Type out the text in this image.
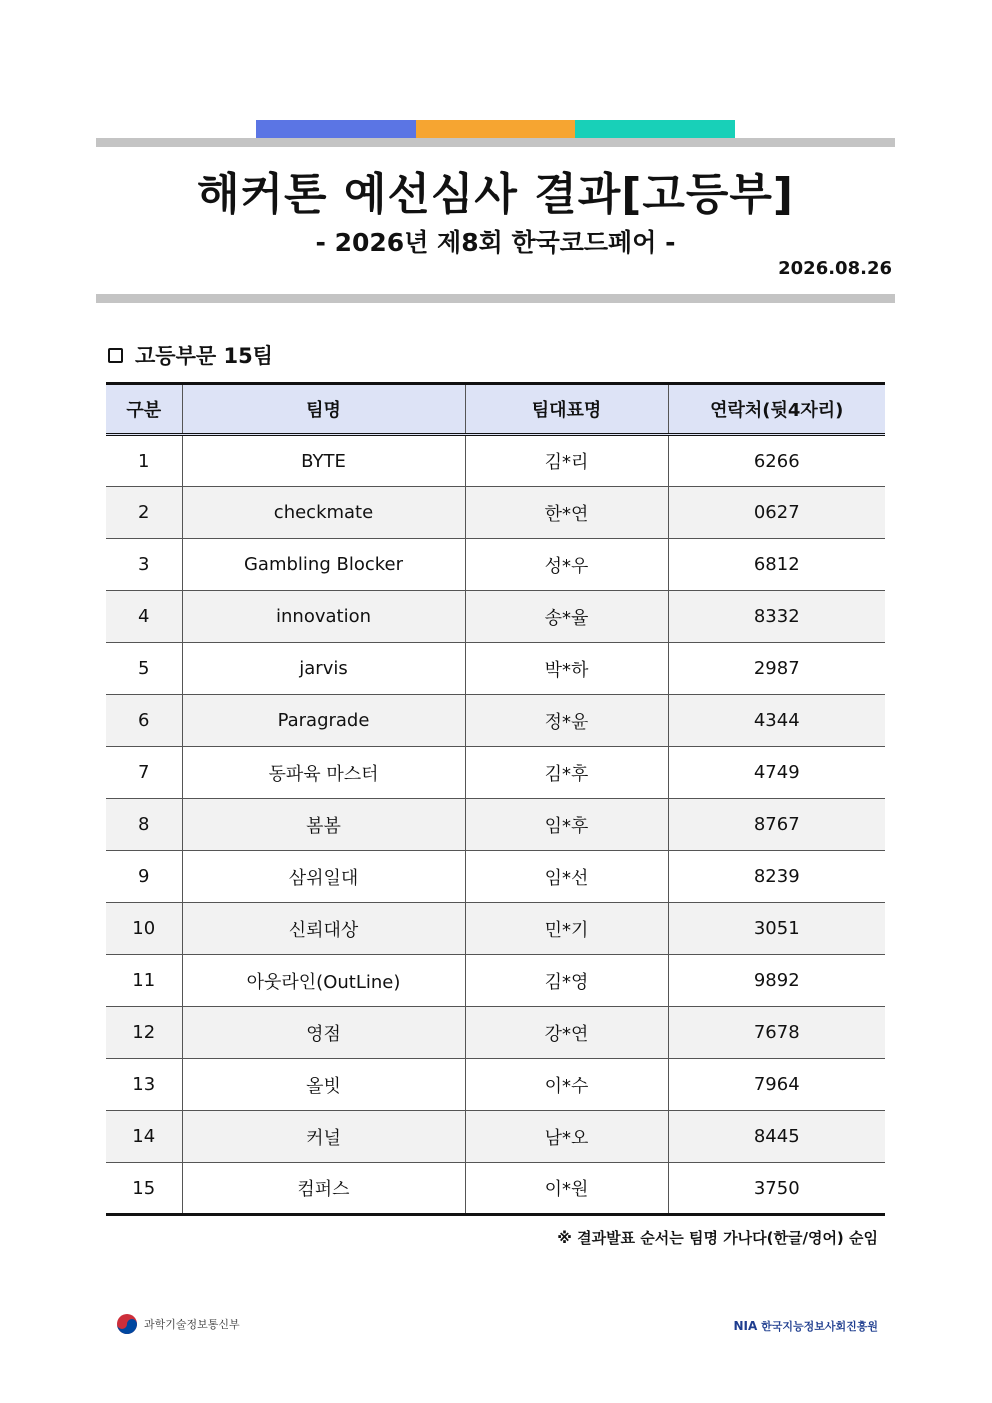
해커톤 예선심사 결과[고등부]
- 2026년 제8회 한국코드페어 -
2026.08.26
고등부문 15팀
구분	팀명	팀대표명	연락처(뒷4자리)
1	BYTE	김*리	6266
2	checkmate	한*연	0627
3	Gambling Blocker	성*우	6812
4	innovation	송*율	8332
5	jarvis	박*하	2987
6	Paragrade	정*윤	4344
7	동파육 마스터	김*후	4749
8	봄봄	임*후	8767
9	삼위일대	임*선	8239
10	신뢰대상	민*기	3051
11	아웃라인(OutLine)	김*영	9892
12	영점	강*연	7678
13	올빗	이*수	7964
14	커널	남*오	8445
15	컴퍼스	이*원	3750
※ 결과발표 순서는 팀명 가나다(한글/영어) 순임
과학기술정보통신부	NIA 한국지능정보사회진흥원
